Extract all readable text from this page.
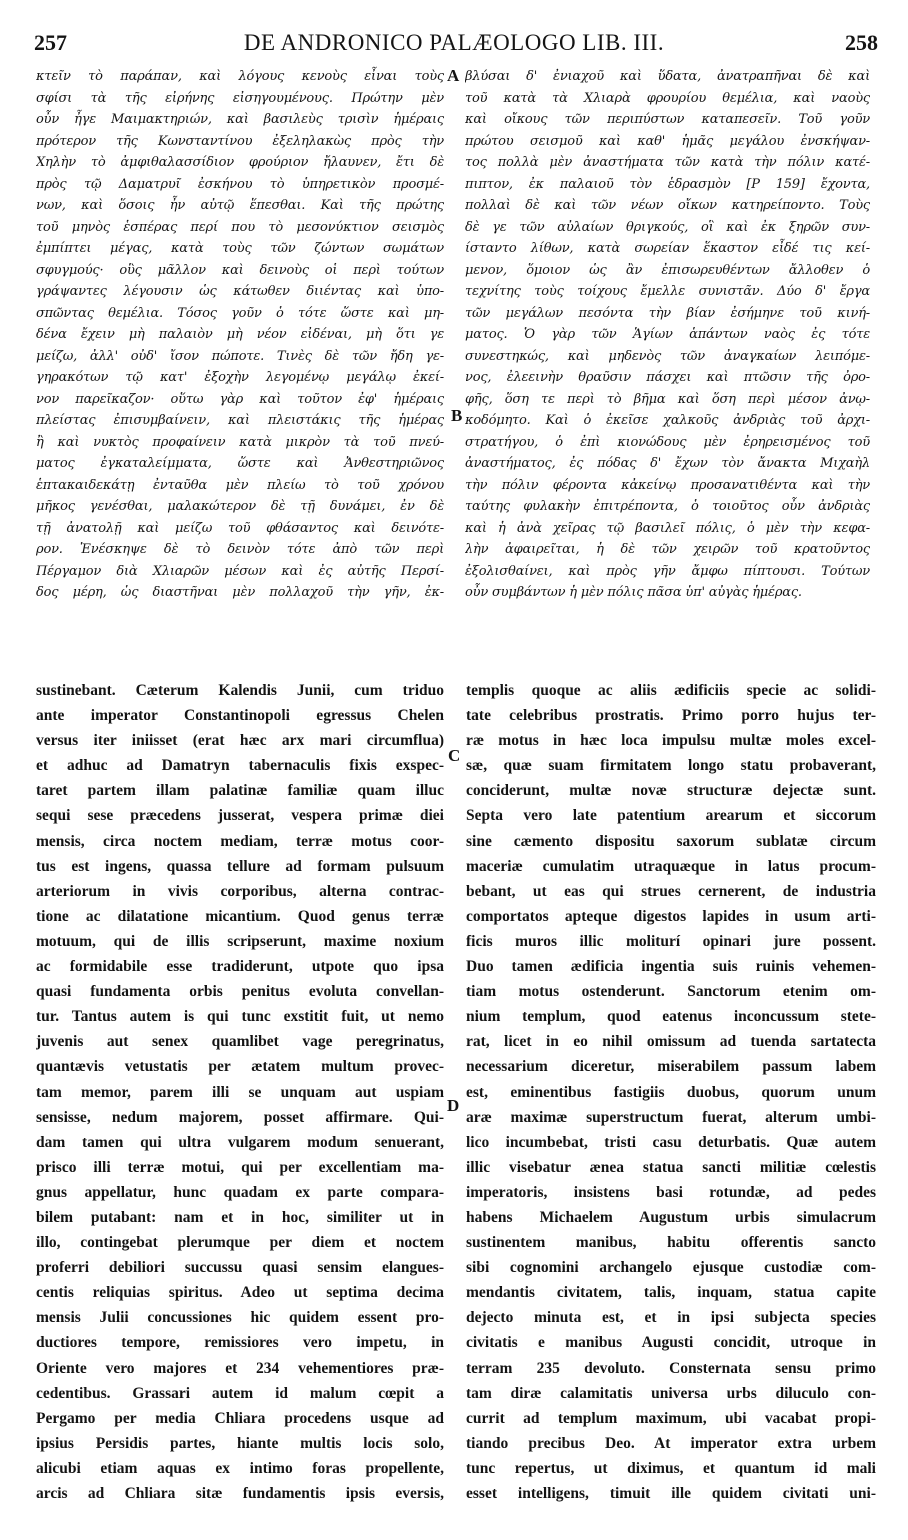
DE ANDRONICO PALÆOLOGO LIB. III.
257	258
κτεῖν τὸ παράπαν, καὶ λόγους κενοὺς εἶναι τοὺς
σφίσι τὰ τῆς εἰρήνης εἰσηγουμένους. Πρώτην μὲν
οὖν ἦγε Μαιμακτηριών, καὶ βασιλεὺς τρισὶν ἡμέραις
πρότερον τῆς Κωνσταντίνου ἐξεληλακὼς πρὸς τὴν
Χηλὴν τὸ ἀμφιθαλασσίδιον φρούριον ἤλαυνεν, ἔτι δὲ
πρὸς τῷ Δαματρυῖ ἐσκήνου τὸ ὑπηρετικὸν προσμέ-
νων, καὶ ὅσοις ἦν αὐτῷ ἕπεσθαι. Καὶ τῆς πρώτης
τοῦ μηνὸς ἑσπέρας περί που τὸ μεσονύκτιον σεισμὸς
ἐμπίπτει μέγας, κατὰ τοὺς τῶν ζώντων σωμάτων
σφυγμούς· οὓς μᾶλλον καὶ δεινοὺς οἱ περὶ τούτων
γράψαντες λέγουσιν ὡς κάτωθεν διιέντας καὶ ὑπο-
σπῶντας θεμέλια. Τόσος γοῦν ὁ τότε ὥστε καὶ μη-
δένα ἔχειν μὴ παλαιὸν μὴ νέον εἰδέναι, μὴ ὅτι γε
μείζω, ἀλλ' οὐδ' ἴσον πώποτε. Τινὲς δὲ τῶν ἤδη γε-
γηρακότων τῷ κατ' ἐξοχὴν λεγομένῳ μεγάλῳ ἐκεί-
νον παρεῖκαζον· οὕτω γὰρ καὶ τοῦτον ἐφ' ἡμέραις
πλείστας ἐπισυμβαίνειν, καὶ πλειστάκις τῆς ἡμέρας
ἢ καὶ νυκτὸς προφαίνειν κατὰ μικρὸν τὰ τοῦ πνεύ-
ματος ἐγκαταλείμματα, ὥστε καὶ Ἀνθεστηριῶνος
ἑπτακαιδεκάτῃ ἐνταῦθα μὲν πλείω τὸ τοῦ χρόνου
μῆκος γενέσθαι, μαλακώτερον δὲ τῇ δυνάμει, ἐν δὲ
τῇ ἀνατολῇ καὶ μείζω τοῦ φθάσαντος καὶ δεινότε-
ρον. Ἐνέσκηψε δὲ τὸ δεινὸν τότε ἀπὸ τῶν περὶ
Πέργαμον διὰ Χλιαρῶν μέσων καὶ ἐς αὐτῆς Περσί-
δος μέρη, ὡς διαστῆναι μὲν πολλαχοῦ τὴν γῆν, ἐκ-
βλύσαι δ' ἐνιαχοῦ καὶ ὕδατα, ἀνατραπῆναι δὲ καὶ
τοῦ κατὰ τὰ Χλιαρὰ φρουρίου θεμέλια, καὶ ναοὺς
καὶ οἴκους τῶν περιπύστων καταπεσεῖν. Τοῦ γοῦν
πρώτου σεισμοῦ καὶ καθ' ἡμᾶς μεγάλου ἐνσκήψαν-
τος πολλὰ μὲν ἀναστήματα τῶν κατὰ τὴν πόλιν κατέ-
πιπτον, ἐκ παλαιοῦ τὸν ἑδρασμὸν [P 159] ἔχοντα,
πολλαὶ δὲ καὶ τῶν νέων οἴκων κατηρείποντο. Τοὺς
δὲ γε τῶν αὐλαίων θριγκούς, οἳ καὶ ἐκ ξηρῶν συν-
ίσταντο λίθων, κατὰ σωρείαν ἕκαστον εἶδέ τις κεί-
μενον, ὅμοιον ὡς ἂν ἐπισωρευθέντων ἄλλοθεν ὁ
τεχνίτης τοὺς τοίχους ἔμελλε συνιστᾶν. Δύο δ' ἔργα
τῶν μεγάλων πεσόντα τὴν βίαν ἐσήμηνε τοῦ κινή-
ματος. Ὁ γὰρ τῶν Ἁγίων ἁπάντων ναὸς ἐς τότε
συνεστηκώς, καὶ μηδενὸς τῶν ἀναγκαίων λειπόμε-
νος, ἐλεεινὴν θραῦσιν πάσχει καὶ πτῶσιν τῆς ὀρο-
φῆς, ὅση τε περὶ τὸ βῆμα καὶ ὅση περὶ μέσον ἀνῳ-
κοδόμητο. Καὶ ὁ ἐκεῖσε χαλκοῦς ἀνδριὰς τοῦ ἀρχι-
στρατήγου, ὁ ἐπὶ κιονώδους μὲν ἐρηρεισμένος τοῦ
ἀναστήματος, ἐς πόδας δ' ἔχων τὸν ἄνακτα Μιχαὴλ
τὴν πόλιν φέροντα κἀκείνῳ προσανατιθέντα καὶ τὴν
ταύτης φυλακὴν ἐπιτρέποντα, ὁ τοιοῦτος οὖν ἀνδριὰς
καὶ ἡ ἀνὰ χεῖρας τῷ βασιλεῖ πόλις, ὁ μὲν τὴν κεφα-
λὴν ἀφαιρεῖται, ἡ δὲ τῶν χειρῶν τοῦ κρατοῦντος
ἐξολισθαίνει, καὶ πρὸς γῆν ἄμφω πίπτουσι. Τούτων
οὖν συμβάντων ἡ μὲν πόλις πᾶσα ὑπ' αὐγὰς ἡμέρας.
sustinebant. Cæterum Kalendis Junii, cum triduo
ante imperator Constantinopoli egressus Chelen
versus iter iniisset (erat hæc arx mari circumflua)
et adhuc ad Damatryn tabernaculis fixis exspec-
taret partem illam palatinæ familiæ quam illuc
sequi sese præcedens jusserat, vespera primæ diei
mensis, circa noctem mediam, terræ motus coor-
tus est ingens, quassa tellure ad formam pulsuum
arteriorum in vivis corporibus, alterna contrac-
tione ac dilatatione micantium. Quod genus terræ
motuum, qui de illis scripserunt, maxime noxium
ac formidabile esse tradiderunt, utpote quo ipsa
quasi fundamenta orbis penitus evoluta convellan-
tur. Tantus autem is qui tunc exstitit fuit, ut nemo
juvenis aut senex quamlibet vage peregrinatus,
quantævis vetustatis per ætatem multum provec-
tam memor, parem illi se unquam aut uspiam
sensisse, nedum majorem, posset affirmare. Qui-
dam tamen qui ultra vulgarem modum senuerant,
prisco illi terræ motui, qui per excellentiam ma-
gnus appellatur, hunc quadam ex parte compara-
bilem putabant: nam et in hoc, similiter ut in
illo, contingebat plerumque per diem et noctem
proferri debiliori succussu quasi sensim elangues-
centis reliquias spiritus. Adeo ut septima decima
mensis Julii concussiones hic quidem essent pro-
ductiores tempore, remissiores vero impetu, in
Oriente vero majores et 234 vehementiores præ-
cedentibus. Grassari autem id malum cœpit a
Pergamo per media Chliara procedens usque ad
ipsius Persidis partes, hiante multis locis solo,
alicubi etiam aquas ex intimo foras propellente,
arcis ad Chliara sitæ fundamentis ipsis eversis,
templis quoque ac aliis ædificiis specie ac solidi-
tate celebribus prostratis. Primo porro hujus ter-
ræ motus in hæc loca impulsu multæ moles excel-
sæ, quæ suam firmitatem longo statu probaverant,
conciderunt, multæ novæ structuræ dejectæ sunt.
Septa vero late patentium arearum et siccorum
sine cæmento dispositu saxorum sublatæ circum
maceriæ cumulatim utraquæque in latus procum-
bebant, ut eas qui strues cernerent, de industria
comportatos apteque digestos lapides in usum arti-
ficis muros illic moliturí opinari jure possent.
Duo tamen ædificia ingentia suis ruinis vehemen-
tiam motus ostenderunt. Sanctorum etenim om-
nium templum, quod eatenus inconcussum stete-
rat, licet in eo nihil omissum ad tuenda sartatecta
necessarium diceretur, miserabilem passum labem
est, eminentibus fastigiis duobus, quorum unum
aræ maximæ superstructum fuerat, alterum umbi-
lico incumbebat, tristi casu deturbatis. Quæ autem
illic visebatur ænea statua sancti militiæ cœlestis
imperatoris, insistens basi rotundæ, ad pedes
habens Michaelem Augustum urbis simulacrum
sustinentem manibus, habitu offerentis sancto
sibi cognomini archangelo ejusque custodiæ com-
mendantis civitatem, talis, inquam, statua capite
dejecto minuta est, et in ipsi subjecta species
civitatis e manibus Augusti concidit, utroque in
terram 235 devoluto. Consternata sensu primo
tam diræ calamitatis universa urbs diluculo con-
currit ad templum maximum, ubi vacabat propi-
tiando precibus Deo. At imperator extra urbem
tunc repertus, ut diximus, et quantum id mali
esset intelligens, timuit ille quidem civitati uni-
A
B
C
D
